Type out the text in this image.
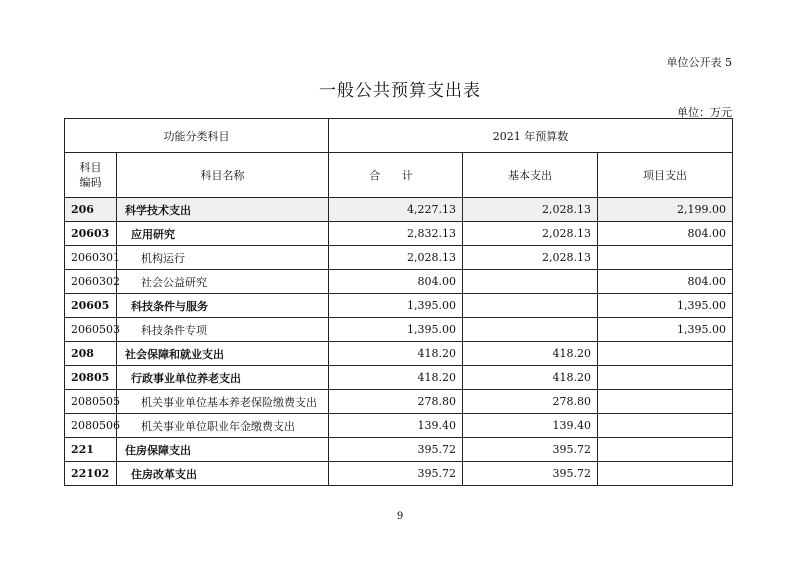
单位公开表 5
一般公共预算支出表
单位：万元
功能分类科目		2021 年预算数		

科目
编码	科目名称	合 计	基本支出	项目支出
206	科学技术支出	4,227.13	2,028.13	2,199.00
20603	应用研究	2,832.13	2,028.13	804.00
2060301	机构运行	2,028.13	2,028.13	
2060302	社会公益研究	804.00		804.00
20605	科技条件与服务	1,395.00		1,395.00
2060503	科技条件专项	1,395.00		1,395.00
208	社会保障和就业支出	418.20	418.20	
20805	行政事业单位养老支出	418.20	418.20	
2080505	机关事业单位基本养老保险缴费支出	278.80	278.80	
2080506	机关事业单位职业年金缴费支出	139.40	139.40	
221	住房保障支出	395.72	395.72	
22102	住房改革支出	395.72	395.72	
9
